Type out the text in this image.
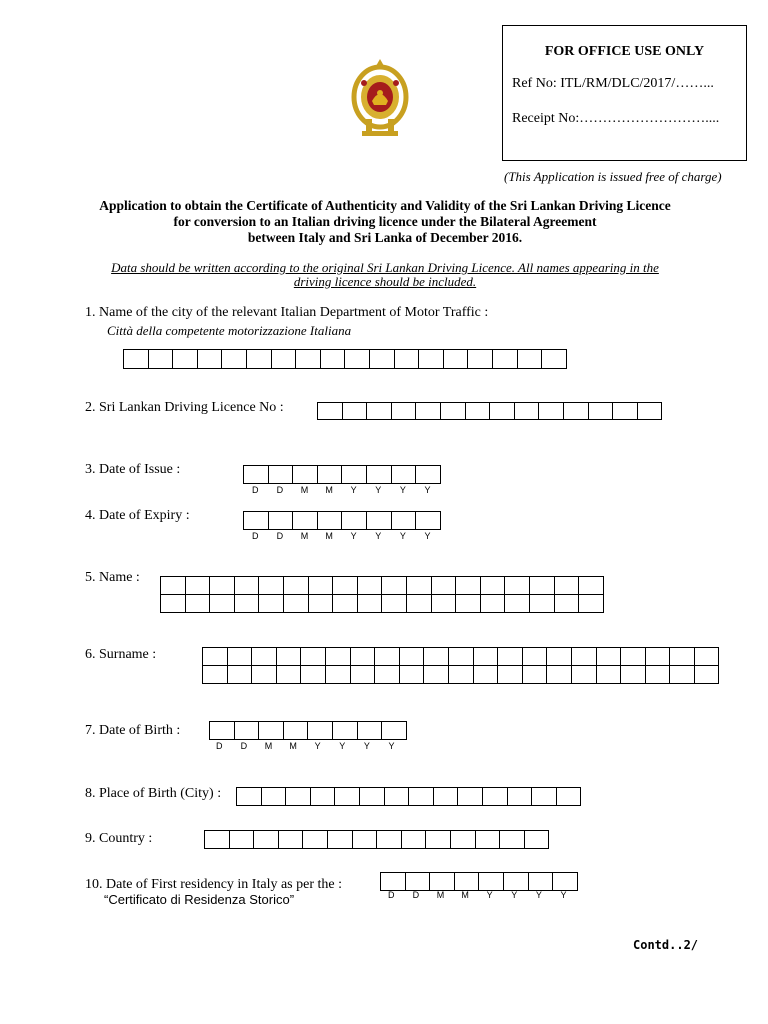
FOR OFFICE USE ONLY
Ref No: ITL/RM/DLC/2017/……...
Receipt No:………………………....
(This Application is issued free of charge)
Application to obtain the Certificate of Authenticity and Validity of the Sri Lankan Driving Licence
for conversion to an Italian driving licence under the Bilateral Agreement
between Italy and Sri Lanka of December 2016.
Data should be written according to the original Sri Lankan Driving Licence. All names appearing in the
driving licence should be included.
1. Name of the city of the relevant Italian Department of Motor Traffic :
Città della competente motorizzazione Italiana
2. Sri Lankan Driving Licence No :
3. Date of Issue :
D	D	M	M	Y	Y	Y	Y
4. Date of Expiry :
D	D	M	M	Y	Y	Y	Y
5. Name :
6. Surname :
7. Date of Birth :
D	D	M	M	Y	Y	Y	Y
8. Place of Birth (City) :
9. Country :
10. Date of First residency in Italy as per the :
“Certificato di Residenza Storico”	D	D	M	M	Y	Y	Y	Y
Contd..2/
